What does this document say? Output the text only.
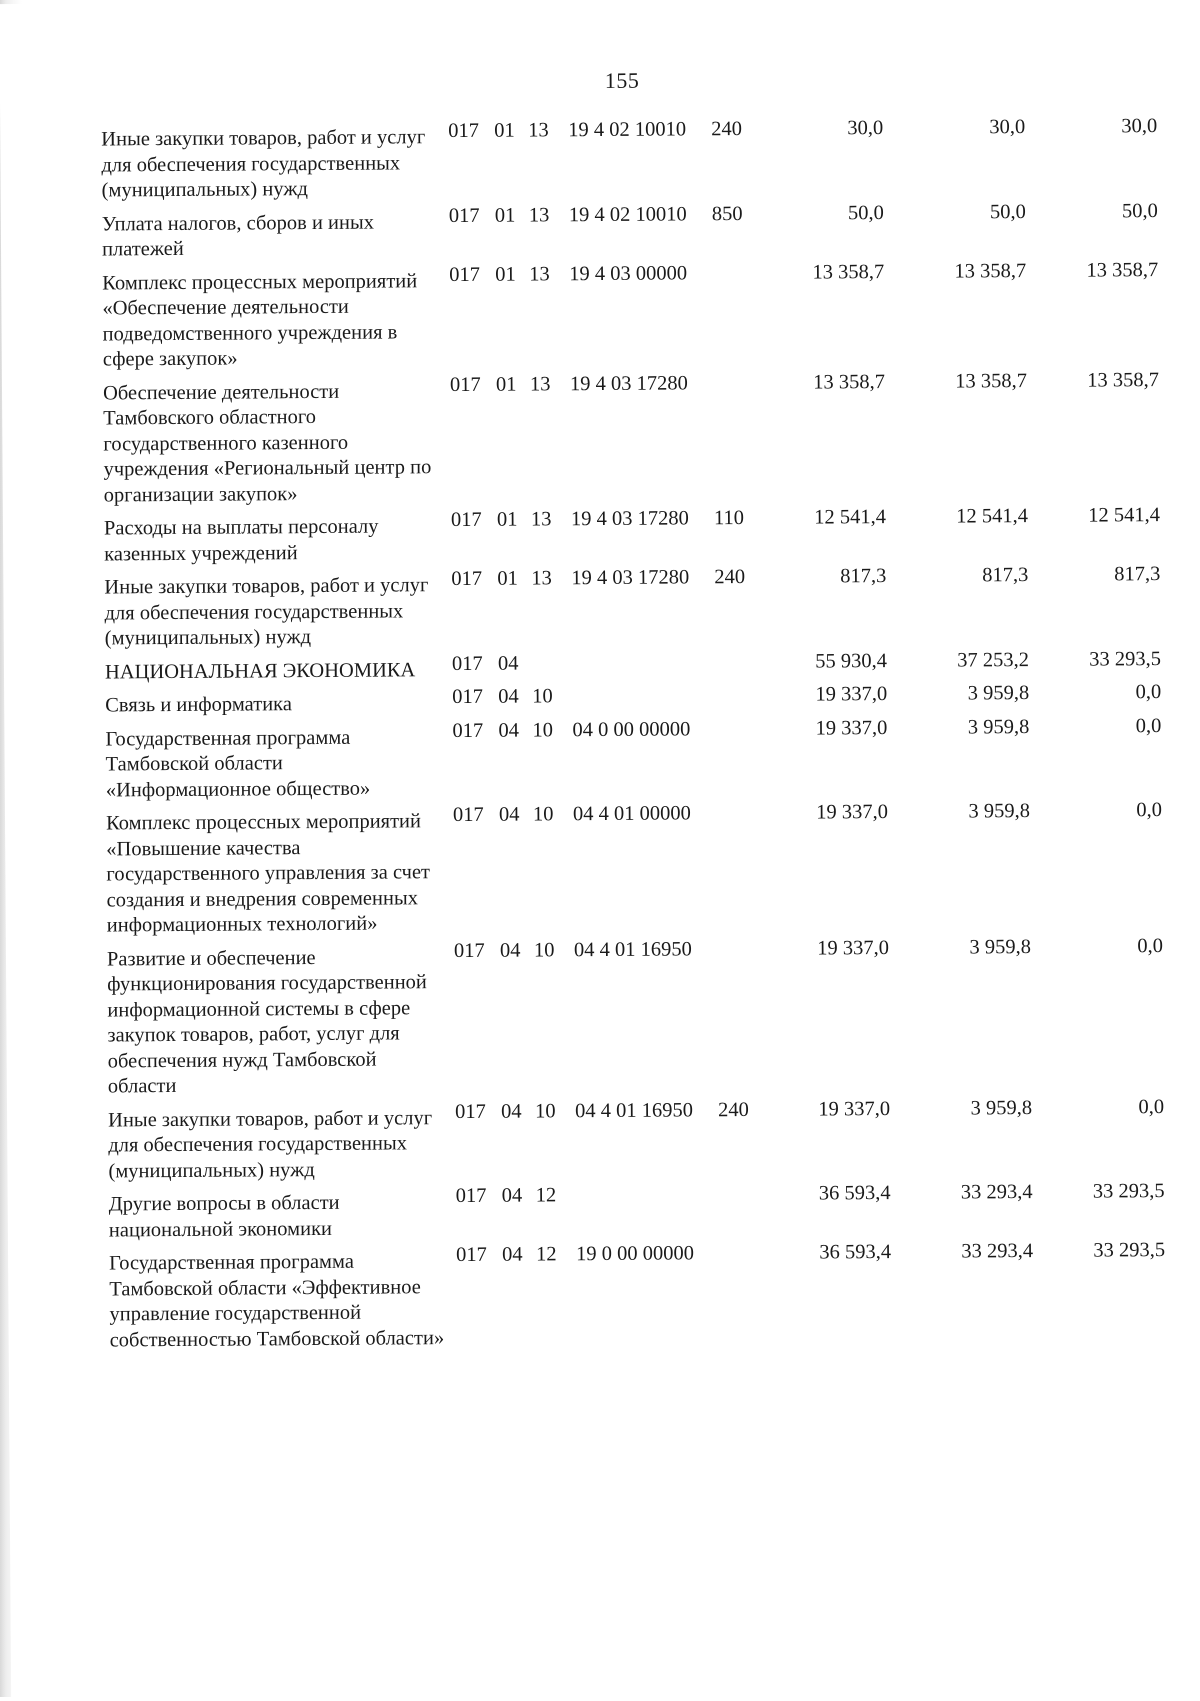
155
Иные закупки товаров, работ и услуг для обеспечения государственных (муниципальных) нужд	017	01	13	19 4 02 10010	240	30,0	30,0	30,0

Уплата налогов, сборов и иных платежей	017	01	13	19 4 02 10010	850	50,0	50,0	50,0

Комплекс процессных мероприятий «Обеспечение деятельности подведомственного учреждения в сфере закупок»	017	01	13	19 4 03 00000		13 358,7	13 358,7	13 358,7

Обеспечение деятельности Тамбовского областного государственного казенного учреждения «Региональный центр по организации закупок»	017	01	13	19 4 03 17280		13 358,7	13 358,7	13 358,7

Расходы на выплаты персоналу казенных учреждений	017	01	13	19 4 03 17280	110	12 541,4	12 541,4	12 541,4

Иные закупки товаров, работ и услуг для обеспечения государственных (муниципальных) нужд	017	01	13	19 4 03 17280	240	817,3	817,3	817,3

НАЦИОНАЛЬНАЯ ЭКОНОМИКА	017	04				55 930,4	37 253,2	33 293,5

Связь и информатика	017	04	10			19 337,0	3 959,8	0,0

Государственная программа Тамбовской области «Информационное общество»	017	04	10	04 0 00 00000		19 337,0	3 959,8	0,0

Комплекс процессных мероприятий «Повышение качества государственного управления за счет создания и внедрения современных информационных технологий»	017	04	10	04 4 01 00000		19 337,0	3 959,8	0,0

Развитие и обеспечение функционирования государственной информационной системы в сфере закупок товаров, работ, услуг для обеспечения нужд Тамбовской области	017	04	10	04 4 01 16950		19 337,0	3 959,8	0,0

Иные закупки товаров, работ и услуг для обеспечения государственных (муниципальных) нужд	017	04	10	04 4 01 16950	240	19 337,0	3 959,8	0,0

Другие вопросы в области национальной экономики	017	04	12			36 593,4	33 293,4	33 293,5

Государственная программа Тамбовской области «Эффективное управление государственной собственностью Тамбовской области»	017	04	12	19 0 00 00000		36 593,4	33 293,4	33 293,5
